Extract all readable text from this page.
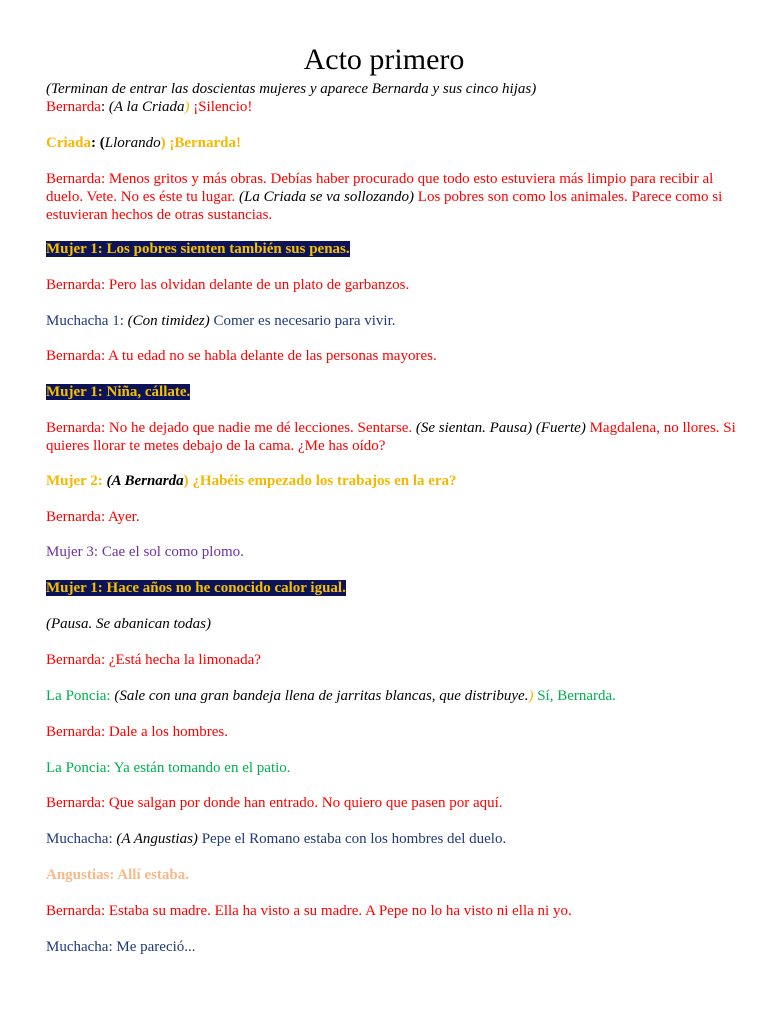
Acto primero
(Terminan de entrar las doscientas mujeres y aparece Bernarda y sus cinco hijas)
Bernarda: (A la Criada) ¡Silencio!
Criada: (Llorando) ¡Bernarda!
Bernarda: Menos gritos y más obras. Debías haber procurado que todo esto estuviera más limpio para recibir al duelo. Vete. No es éste tu lugar. (La Criada se va sollozando) Los pobres son como los animales. Parece como si estuvieran hechos de otras sustancias.
Mujer 1: Los pobres sienten también sus penas.
Bernarda: Pero las olvidan delante de un plato de garbanzos.
Muchacha 1: (Con timidez) Comer es necesario para vivir.
Bernarda: A tu edad no se habla delante de las personas mayores.
Mujer 1: Niña, cállate.
Bernarda: No he dejado que nadie me dé lecciones. Sentarse. (Se sientan. Pausa) (Fuerte) Magdalena, no llores. Si quieres llorar te metes debajo de la cama. ¿Me has oído?
Mujer 2: (A Bernarda) ¿Habéis empezado los trabajos en la era?
Bernarda: Ayer.
Mujer 3: Cae el sol como plomo.
Mujer 1: Hace años no he conocido calor igual.
(Pausa. Se abanican todas)
Bernarda: ¿Está hecha la limonada?
La Poncia: (Sale con una gran bandeja llena de jarritas blancas, que distribuye.) Sí, Bernarda.
Bernarda: Dale a los hombres.
La Poncia: Ya están tomando en el patio.
Bernarda: Que salgan por donde han entrado. No quiero que pasen por aquí.
Muchacha: (A Angustias) Pepe el Romano estaba con los hombres del duelo.
Angustias: Allí estaba.
Bernarda: Estaba su madre. Ella ha visto a su madre. A Pepe no lo ha visto ni ella ni yo.
Muchacha: Me pareció...
